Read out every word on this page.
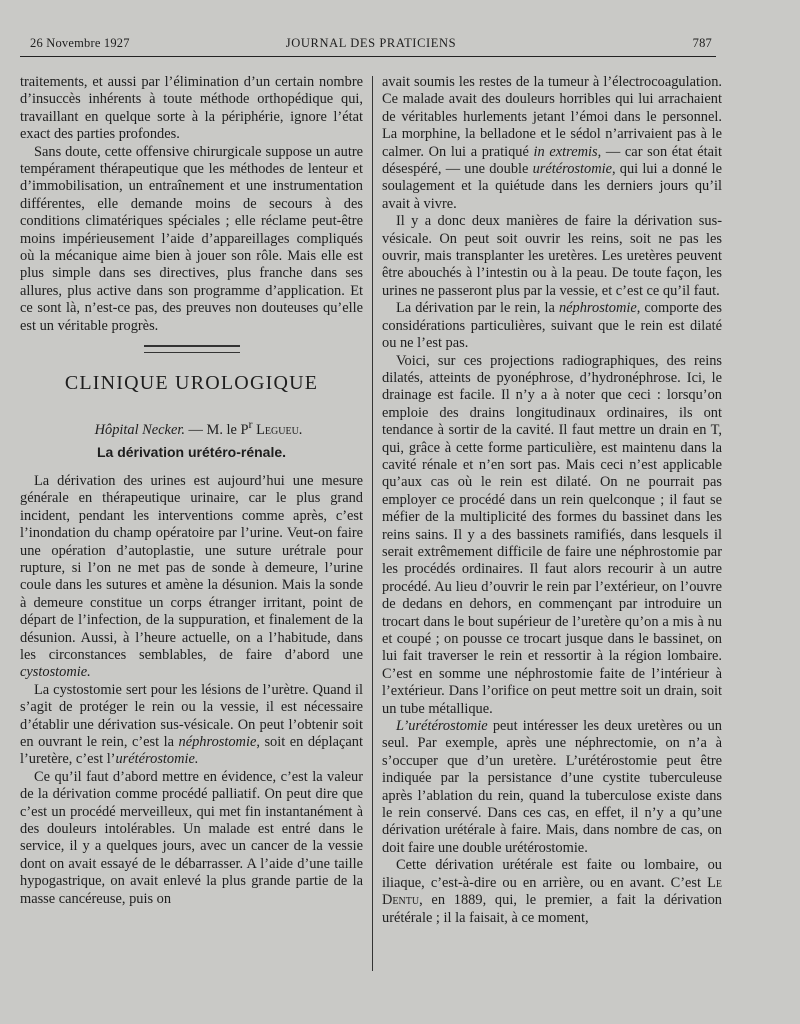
26 Novembre 1927	JOURNAL DES PRATICIENS	787

traitements, et aussi par l’élimination d’un certain nombre d’insuccès inhérents à toute méthode orthopédique qui, travaillant en quelque sorte à la périphérie, ignore l’état exact des parties profondes.

Sans doute, cette offensive chirurgicale suppose un autre tempérament thérapeutique que les méthodes de lenteur et d’immobilisation, un entraînement et une instrumentation différentes, elle demande moins de secours à des conditions climatériques spéciales ; elle réclame peut-être moins impérieusement l’aide d’appareillages compliqués où la mécanique aime bien à jouer son rôle. Mais elle est plus simple dans ses directives, plus franche dans ses allures, plus active dans son programme d’application. Et ce sont là, n’est-ce pas, des preuves non douteuses qu’elle est un véritable progrès.

CLINIQUE UROLOGIQUE

Hôpital Necker. — M. le $P^r$ Legueu.

La dérivation urétéro-rénale.

La dérivation des urines est aujourd’hui une mesure générale en thérapeutique urinaire, car le plus grand incident, pendant les interventions comme après, c’est l’inondation du champ opératoire par l’urine. Veut-on faire une opération d’autoplastie, une suture urétrale pour rupture, si l’on ne met pas de sonde à demeure, l’urine coule dans les sutures et amène la désunion. Mais la sonde à demeure constitue un corps étranger irritant, point de départ de l’infection, de la suppuration, et finalement de la désunion. Aussi, à l’heure actuelle, on a l’habitude, dans les circonstances semblables, de faire d’abord une cystostomie.

La cystostomie sert pour les lésions de l’urètre. Quand il s’agit de protéger le rein ou la vessie, il est nécessaire d’établir une dérivation sus-vésicale. On peut l’obtenir soit en ouvrant le rein, c’est la néphrostomie, soit en déplaçant l’uretère, c’est l’urétérostomie.

Ce qu’il faut d’abord mettre en évidence, c’est la valeur de la dérivation comme procédé palliatif. On peut dire que c’est un procédé merveilleux, qui met fin instantanément à des douleurs intolérables. Un malade est entré dans le service, il y a quelques jours, avec un cancer de la vessie dont on avait essayé de le débarrasser. A l’aide d’une taille hypogastrique, on avait enlevé la plus grande partie de la masse cancéreuse, puis on

avait soumis les restes de la tumeur à l’électrocoagulation. Ce malade avait des douleurs horribles qui lui arrachaient de véritables hurlements jetant l’émoi dans le personnel. La morphine, la belladone et le sédol n’arrivaient pas à le calmer. On lui a pratiqué in extremis, — car son état était désespéré, — une double urétérostomie, qui lui a donné le soulagement et la quiétude dans les derniers jours qu’il avait à vivre.

Il y a donc deux manières de faire la dérivation sus-vésicale. On peut soit ouvrir les reins, soit ne pas les ouvrir, mais transplanter les uretères. Les uretères peuvent être abouchés à l’intestin ou à la peau. De toute façon, les urines ne passeront plus par la vessie, et c’est ce qu’il faut.

La dérivation par le rein, la néphrostomie, comporte des considérations particulières, suivant que le rein est dilaté ou ne l’est pas.

Voici, sur ces projections radiographiques, des reins dilatés, atteints de pyonéphrose, d’hydronéphrose. Ici, le drainage est facile. Il n’y a à noter que ceci : lorsqu’on emploie des drains longitudinaux ordinaires, ils ont tendance à sortir de la cavité. Il faut mettre un drain en T, qui, grâce à cette forme particulière, est maintenu dans la cavité rénale et n’en sort pas. Mais ceci n’est applicable qu’aux cas où le rein est dilaté. On ne pourrait pas employer ce procédé dans un rein quelconque ; il faut se méfier de la multiplicité des formes du bassinet dans les reins sains. Il y a des bassinets ramifiés, dans lesquels il serait extrêmement difficile de faire une néphrostomie par les procédés ordinaires. Il faut alors recourir à un autre procédé. Au lieu d’ouvrir le rein par l’extérieur, on l’ouvre de dedans en dehors, en commençant par introduire un trocart dans le bout supérieur de l’uretère qu’on a mis à nu et coupé ; on pousse ce trocart jusque dans le bassinet, on lui fait traverser le rein et ressortir à la région lombaire. C’est en somme une néphrostomie faite de l’intérieur à l’extérieur. Dans l’orifice on peut mettre soit un drain, soit un tube métallique.

L’urétérostomie peut intéresser les deux uretères ou un seul. Par exemple, après une néphrectomie, on n’a à s’occuper que d’un uretère. L’urétérostomie peut être indiquée par la persistance d’une cystite tuberculeuse après l’ablation du rein, quand la tuberculose existe dans le rein conservé. Dans ces cas, en effet, il n’y a qu’une dérivation urétérale à faire. Mais, dans nombre de cas, on doit faire une double urétérostomie.

Cette dérivation urétérale est faite ou lombaire, ou iliaque, c’est-à-dire ou en arrière, ou en avant. C’est Le Dentu, en 1889, qui, le premier, a fait la dérivation urétérale ; il la faisait, à ce moment,
